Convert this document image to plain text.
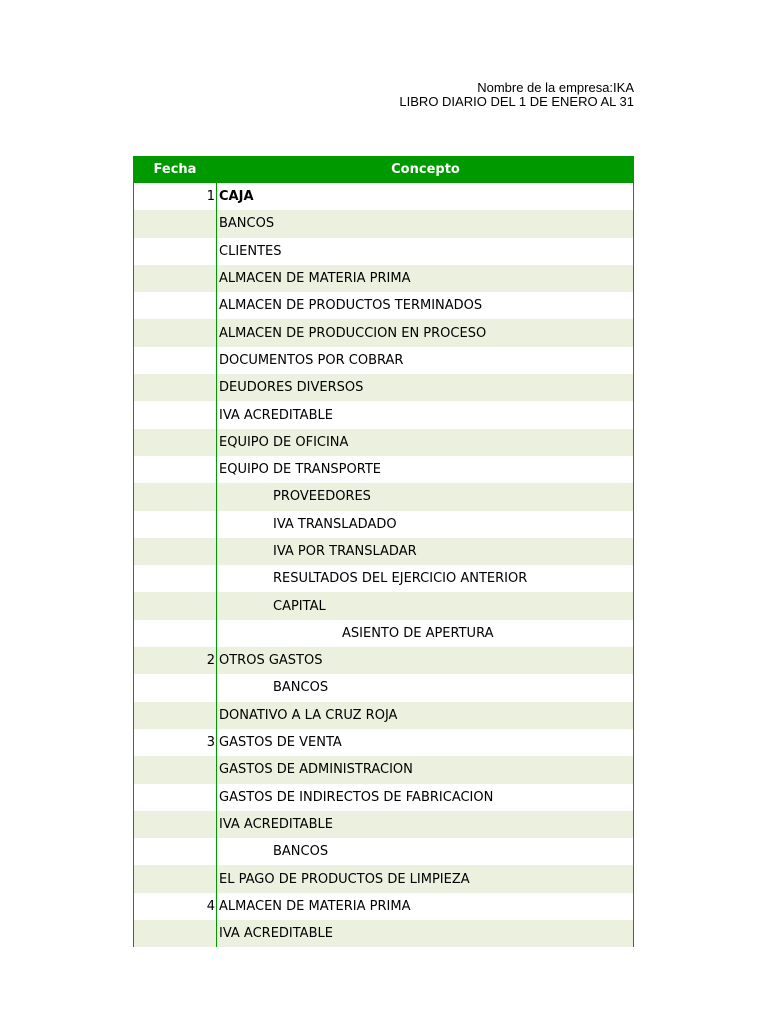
Nombre de la empresa:IKA
LIBRO DIARIO DEL 1 DE ENERO AL 31
Fecha	Concepto
1 CAJA
BANCOS
CLIENTES
ALMACEN DE MATERIA PRIMA
ALMACEN DE PRODUCTOS TERMINADOS
ALMACEN DE PRODUCCION EN PROCESO
DOCUMENTOS POR COBRAR
DEUDORES DIVERSOS
IVA ACREDITABLE
EQUIPO DE OFICINA
EQUIPO DE TRANSPORTE
PROVEEDORES
IVA TRANSLADADO
IVA POR TRANSLADAR
RESULTADOS DEL EJERCICIO ANTERIOR
CAPITAL
ASIENTO DE APERTURA
2 OTROS GASTOS
BANCOS
DONATIVO A LA CRUZ ROJA
3 GASTOS DE VENTA
GASTOS DE ADMINISTRACION
GASTOS DE INDIRECTOS DE FABRICACION
IVA ACREDITABLE
BANCOS
EL PAGO DE PRODUCTOS DE LIMPIEZA
4 ALMACEN DE MATERIA PRIMA
IVA ACREDITABLE
